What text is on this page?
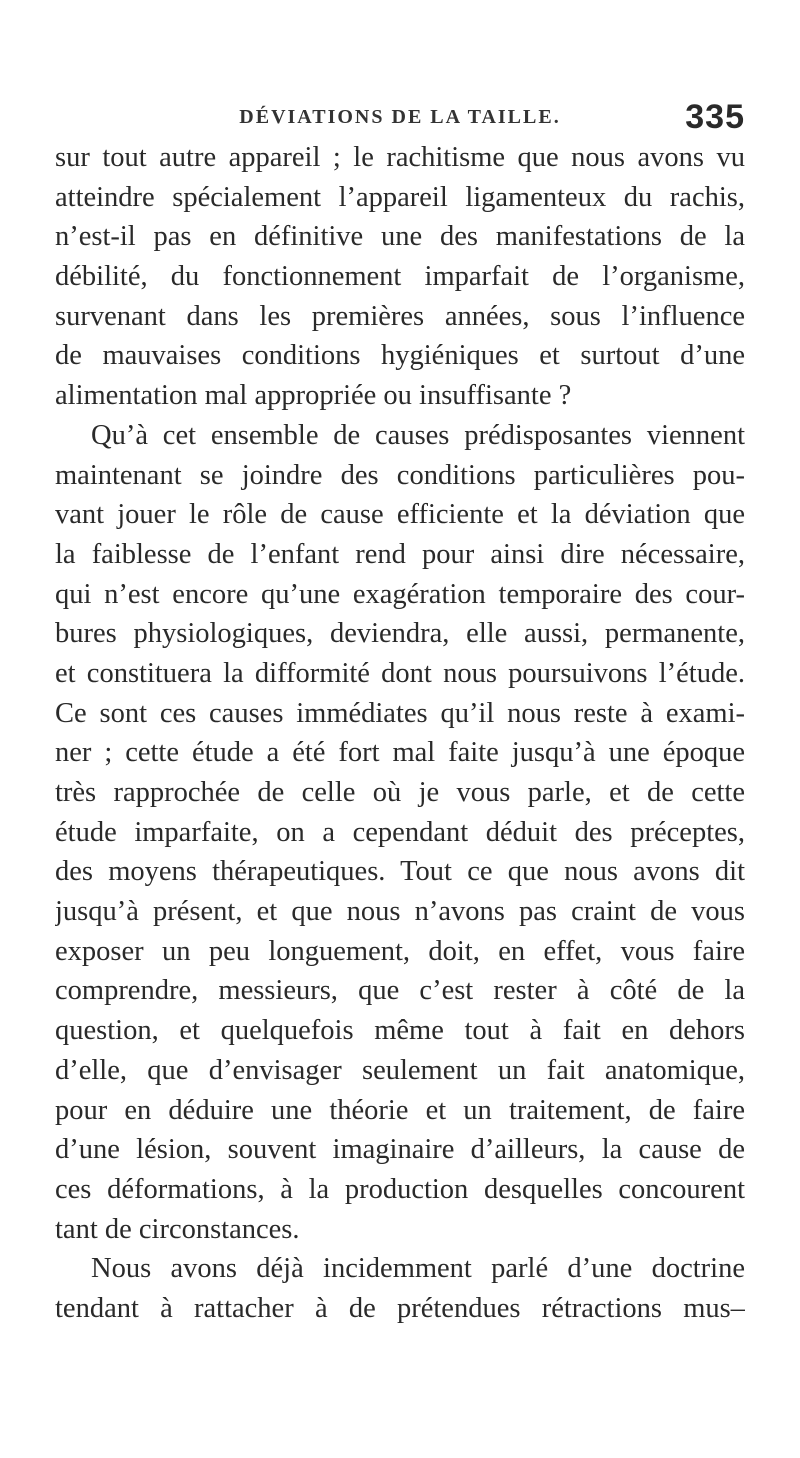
DÉVIATIONS DE LA TAILLE.	335
sur tout autre appareil ; le rachitisme que nous avons vu
atteindre spécialement l’appareil ligamenteux du rachis,
n’est-il pas en définitive une des manifestations de la
débilité, du fonctionnement imparfait de l’organisme,
survenant dans les premières années, sous l’influence
de mauvaises conditions hygiéniques et surtout d’une
alimentation mal appropriée ou insuffisante ?
Qu’à cet ensemble de causes prédisposantes viennent
maintenant se joindre des conditions particulières pou-
vant jouer le rôle de cause efficiente et la déviation que
la faiblesse de l’enfant rend pour ainsi dire nécessaire,
qui n’est encore qu’une exagération temporaire des cour-
bures physiologiques, deviendra, elle aussi, permanente,
et constituera la difformité dont nous poursuivons l’étude.
Ce sont ces causes immédiates qu’il nous reste à exami-
ner ; cette étude a été fort mal faite jusqu’à une époque
très rapprochée de celle où je vous parle, et de cette
étude imparfaite, on a cependant déduit des préceptes,
des moyens thérapeutiques. Tout ce que nous avons dit
jusqu’à présent, et que nous n’avons pas craint de vous
exposer un peu longuement, doit, en effet, vous faire
comprendre, messieurs, que c’est rester à côté de la
question, et quelquefois même tout à fait en dehors
d’elle, que d’envisager seulement un fait anatomique,
pour en déduire une théorie et un traitement, de faire
d’une lésion, souvent imaginaire d’ailleurs, la cause de
ces déformations, à la production desquelles concourent
tant de circonstances.
Nous avons déjà incidemment parlé d’une doctrine
tendant à rattacher à de prétendues rétractions mus–
